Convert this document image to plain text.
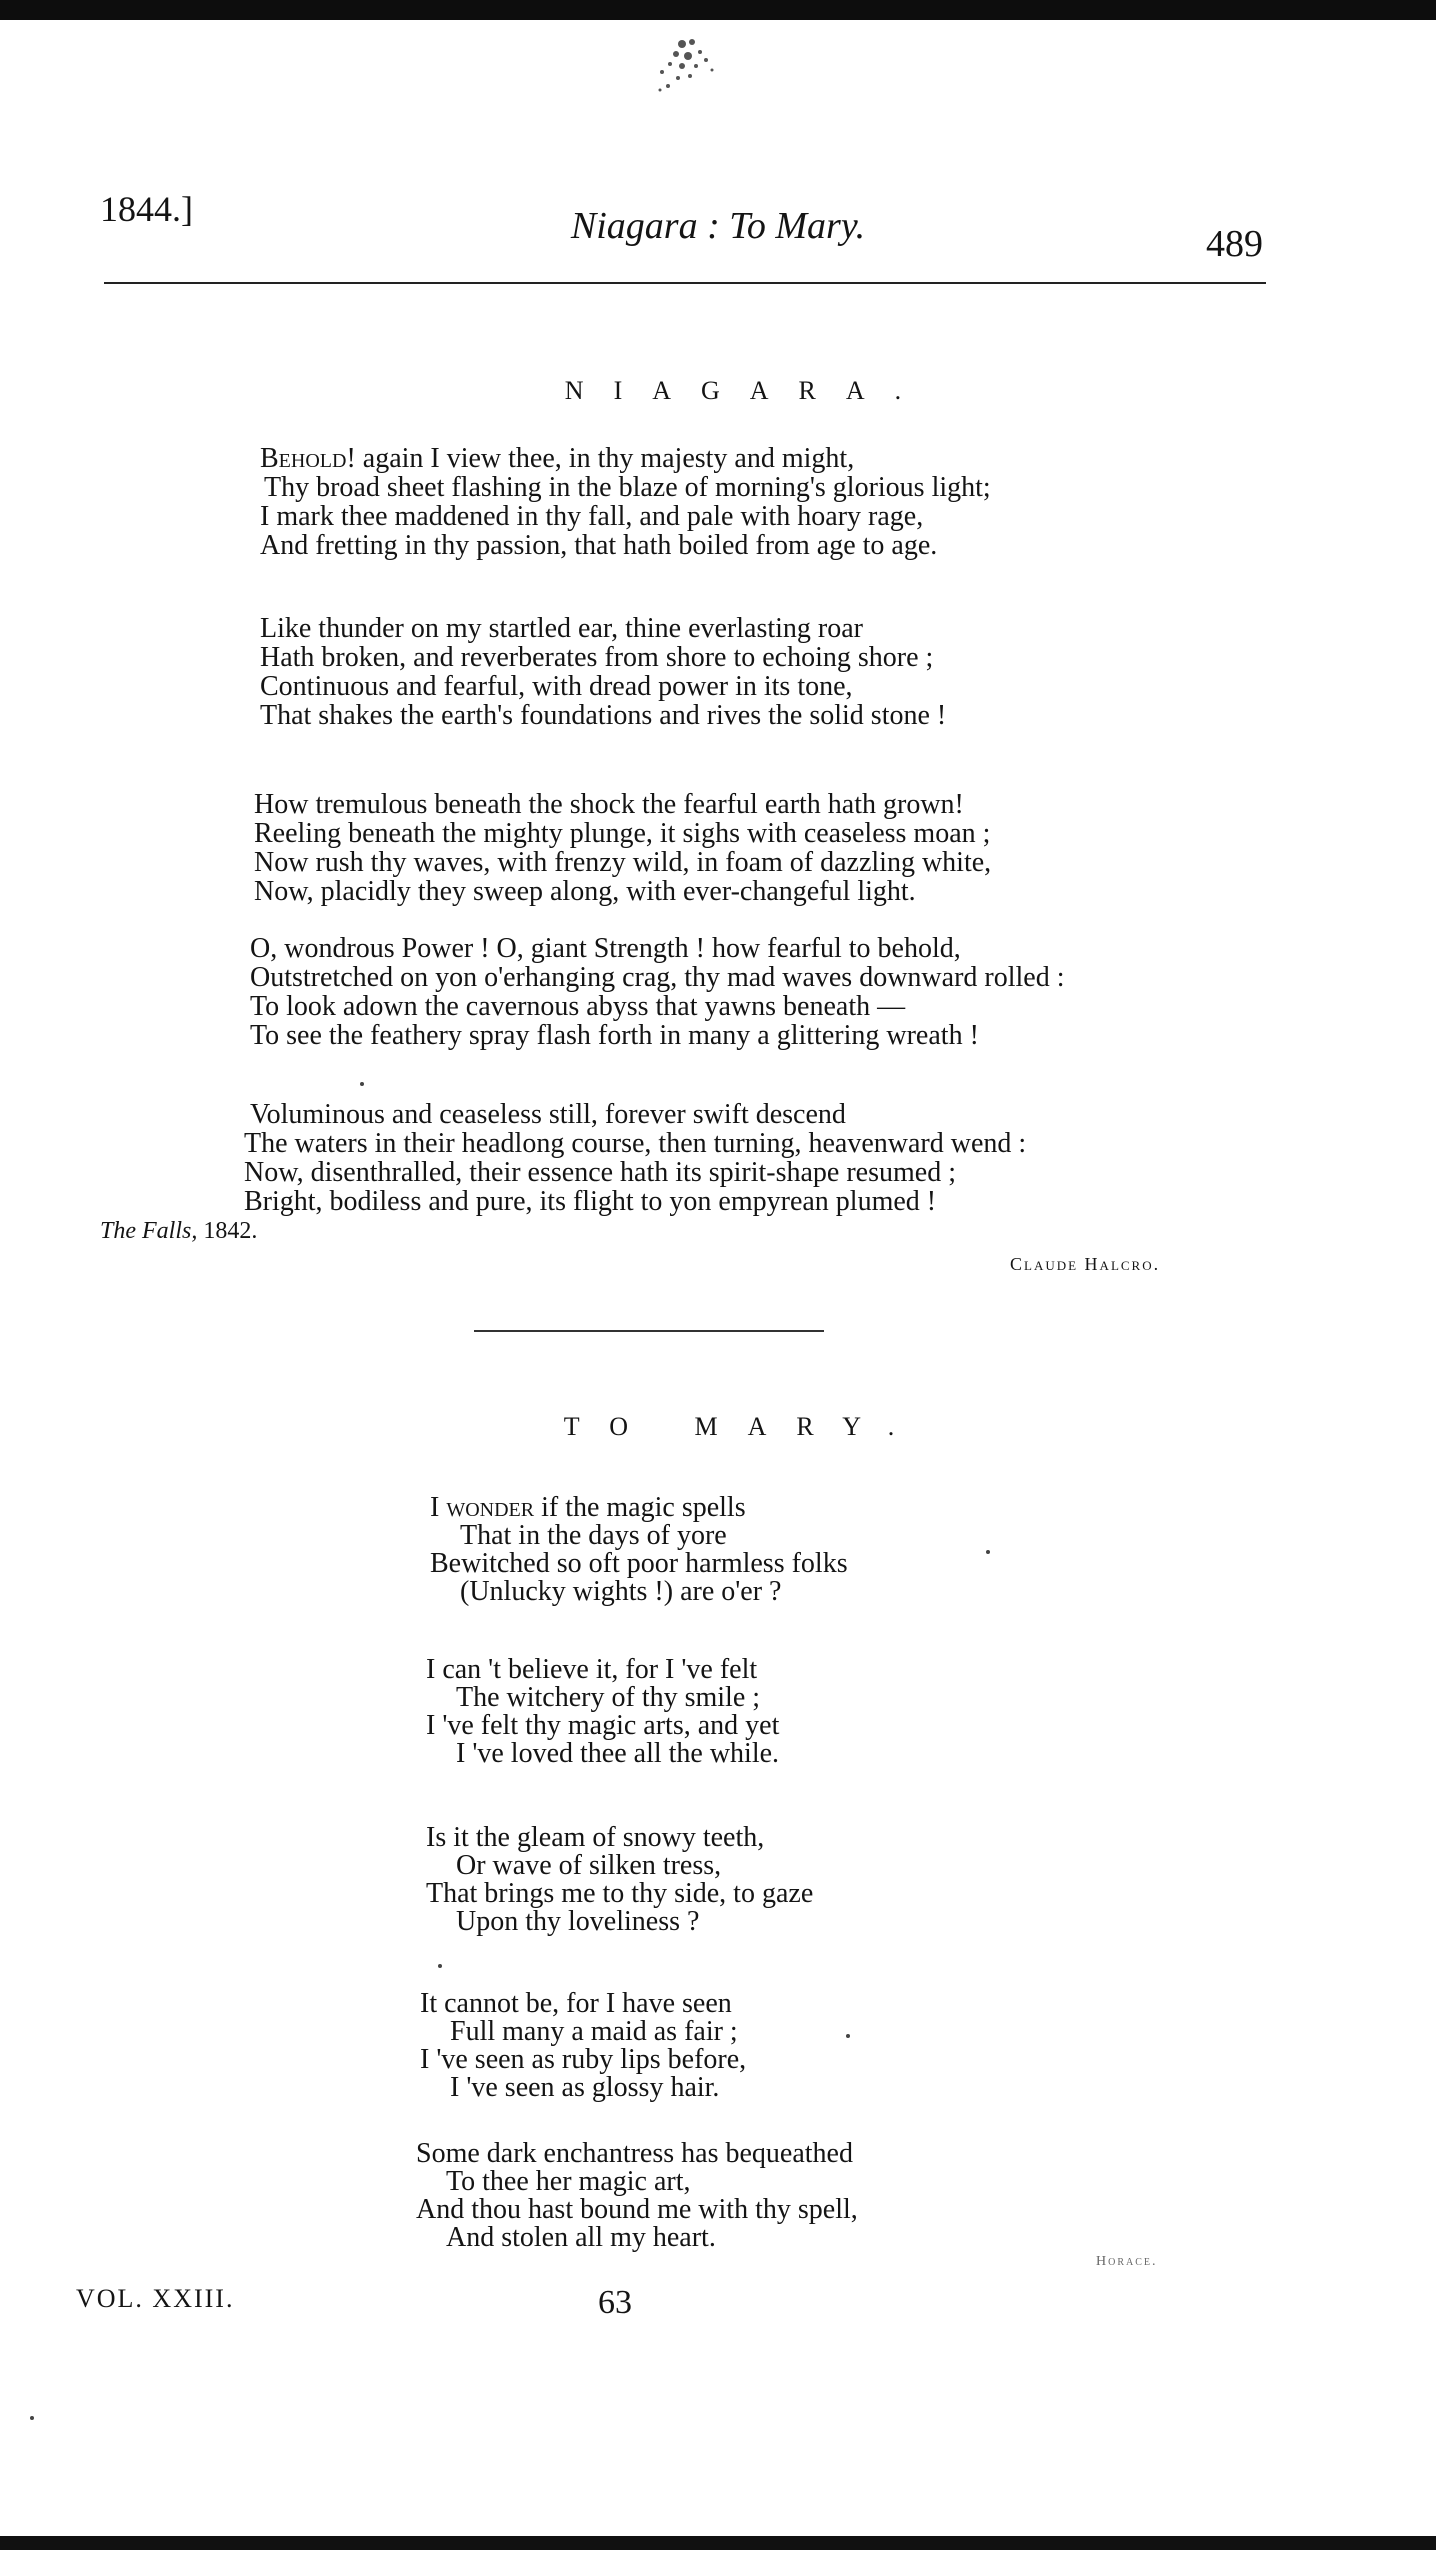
1844.]	Niagara : To Mary.	489
NIAGARA.
Behold! again I view thee, in thy majesty and might,
Thy broad sheet flashing in the blaze of morning's glorious light;
I mark thee maddened in thy fall, and pale with hoary rage,
And fretting in thy passion, that hath boiled from age to age.
Like thunder on my startled ear, thine everlasting roar
Hath broken, and reverberates from shore to echoing shore ;
Continuous and fearful, with dread power in its tone,
That shakes the earth's foundations and rives the solid stone !
How tremulous beneath the shock the fearful earth hath grown!
Reeling beneath the mighty plunge, it sighs with ceaseless moan ;
Now rush thy waves, with frenzy wild, in foam of dazzling white,
Now, placidly they sweep along, with ever-changeful light.
O, wondrous Power ! O, giant Strength ! how fearful to behold,
Outstretched on yon o'erhanging crag, thy mad waves downward rolled :
To look adown the cavernous abyss that yawns beneath —
To see the feathery spray flash forth in many a glittering wreath !
Voluminous and ceaseless still, forever swift descend
The waters in their headlong course, then turning, heavenward wend :
Now, disenthralled, their essence hath its spirit-shape resumed ;
Bright, bodiless and pure, its flight to yon empyrean plumed !
The Falls, 1842.
Claude Halcro.
TO MARY.
I wonder if the magic spells
That in the days of yore
Bewitched so oft poor harmless folks
(Unlucky wights !) are o'er ?
I can 't believe it, for I 've felt
The witchery of thy smile ;
I 've felt thy magic arts, and yet
I 've loved thee all the while.
Is it the gleam of snowy teeth,
Or wave of silken tress,
That brings me to thy side, to gaze
Upon thy loveliness ?
It cannot be, for I have seen
Full many a maid as fair ;
I 've seen as ruby lips before,
I 've seen as glossy hair.
Some dark enchantress has bequeathed
To thee her magic art,
And thou hast bound me with thy spell,
And stolen all my heart.
Horace.
VOL. XXIII.	63
